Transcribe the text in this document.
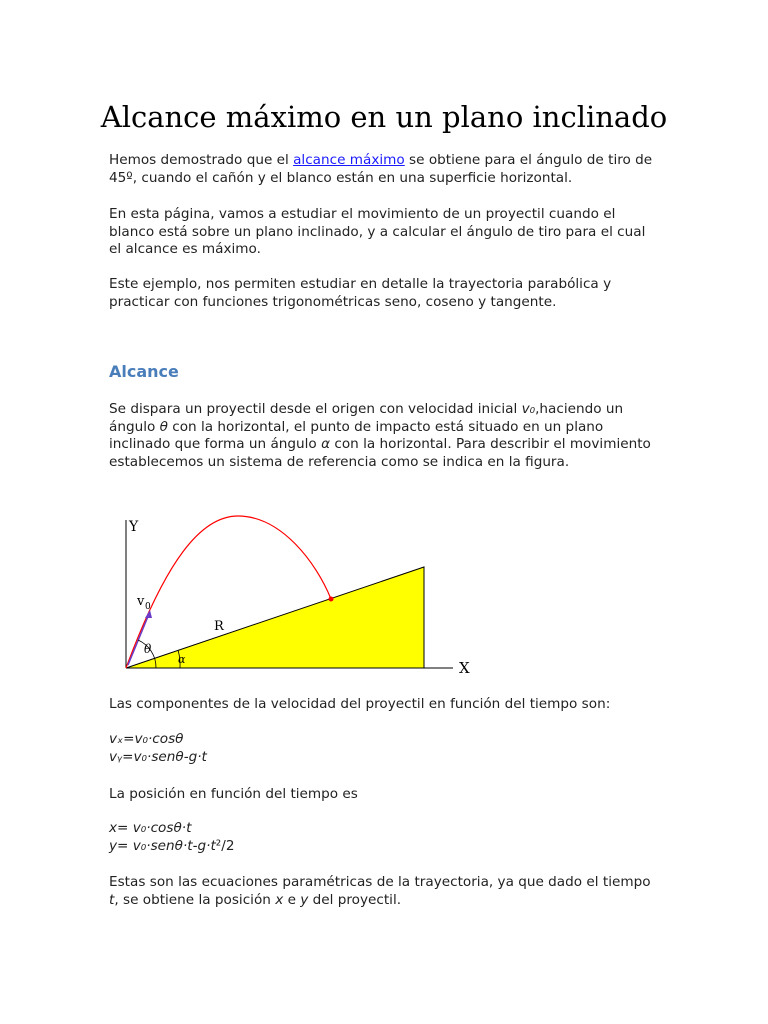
Alcance máximo en un plano inclinado

Hemos demostrado que el alcance máximo se obtiene para el ángulo de tiro de 45º, cuando el cañón y el blanco están en una superficie horizontal.

En esta página, vamos a estudiar el movimiento de un proyectil cuando el blanco está sobre un plano inclinado, y a calcular el ángulo de tiro para el cual el alcance es máximo.

Este ejemplo, nos permiten estudiar en detalle la trayectoria parabólica y practicar con funciones trigonométricas seno, coseno y tangente.

Alcance

Se dispara un proyectil desde el origen con velocidad inicial v₀,haciendo un ángulo θ con la horizontal, el punto de impacto está situado en un plano inclinado que forma un ángulo α con la horizontal. Para describir el movimiento establecemos un sistema de referencia como se indica en la figura.

Y
X
v 0
R
θ
α

Las componentes de la velocidad del proyectil en función del tiempo son:

vₓ=v₀·cosθ
vᵧ=v₀·senθ-g·t

La posición en función del tiempo es

x= v₀·cosθ·t
y= v₀·senθ·t-g·t²/2

Estas son las ecuaciones paramétricas de la trayectoria, ya que dado el tiempo t, se obtiene la posición x e y del proyectil.
